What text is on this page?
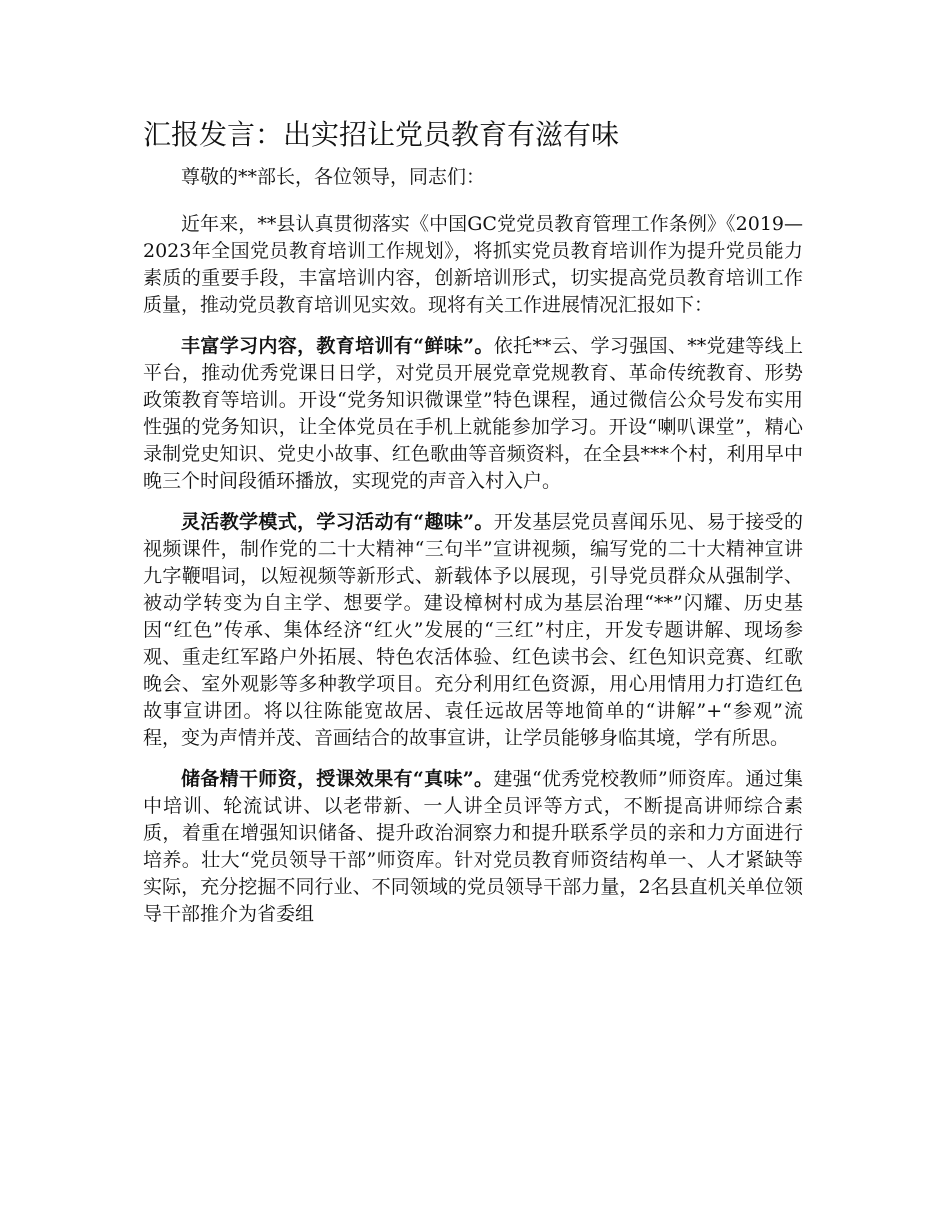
汇报发言：出实招让党员教育有滋有味

尊敬的**部长，各位领导，同志们：

近年来，**县认真贯彻落实《中国GC党党员教育管理工作条例》《2019—2023年全国党员教育培训工作规划》，将抓实党员教育培训作为提升党员能力素质的重要手段，丰富培训内容，创新培训形式，切实提高党员教育培训工作质量，推动党员教育培训见实效。现将有关工作进展情况汇报如下：

丰富学习内容，教育培训有“鲜味”。依托**云、学习强国、**党建等线上平台，推动优秀党课日日学，对党员开展党章党规教育、革命传统教育、形势政策教育等培训。开设“党务知识微课堂”特色课程，通过微信公众号发布实用性强的党务知识，让全体党员在手机上就能参加学习。开设“喇叭课堂”，精心录制党史知识、党史小故事、红色歌曲等音频资料，在全县***个村，利用早中晚三个时间段循环播放，实现党的声音入村入户。

灵活教学模式，学习活动有“趣味”。开发基层党员喜闻乐见、易于接受的视频课件，制作党的二十大精神“三句半”宣讲视频，编写党的二十大精神宣讲九字鞭唱词，以短视频等新形式、新载体予以展现，引导党员群众从强制学、被动学转变为自主学、想要学。建设樟树村成为基层治理“**”闪耀、历史基因“红色”传承、集体经济“红火”发展的“三红”村庄，开发专题讲解、现场参观、重走红军路户外拓展、特色农活体验、红色读书会、红色知识竞赛、红歌晚会、室外观影等多种教学项目。充分利用红色资源，用心用情用力打造红色故事宣讲团。将以往陈能宽故居、袁任远故居等地简单的“讲解”+“参观”流程，变为声情并茂、音画结合的故事宣讲，让学员能够身临其境，学有所思。

储备精干师资，授课效果有“真味”。建强“优秀党校教师”师资库。通过集中培训、轮流试讲、以老带新、一人讲全员评等方式，不断提高讲师综合素质，着重在增强知识储备、提升政治洞察力和提升联系学员的亲和力方面进行培养。壮大“党员领导干部”师资库。针对党员教育师资结构单一、人才紧缺等实际，充分挖掘不同行业、不同领域的党员领导干部力量，2名县直机关单位领导干部推介为省委组
